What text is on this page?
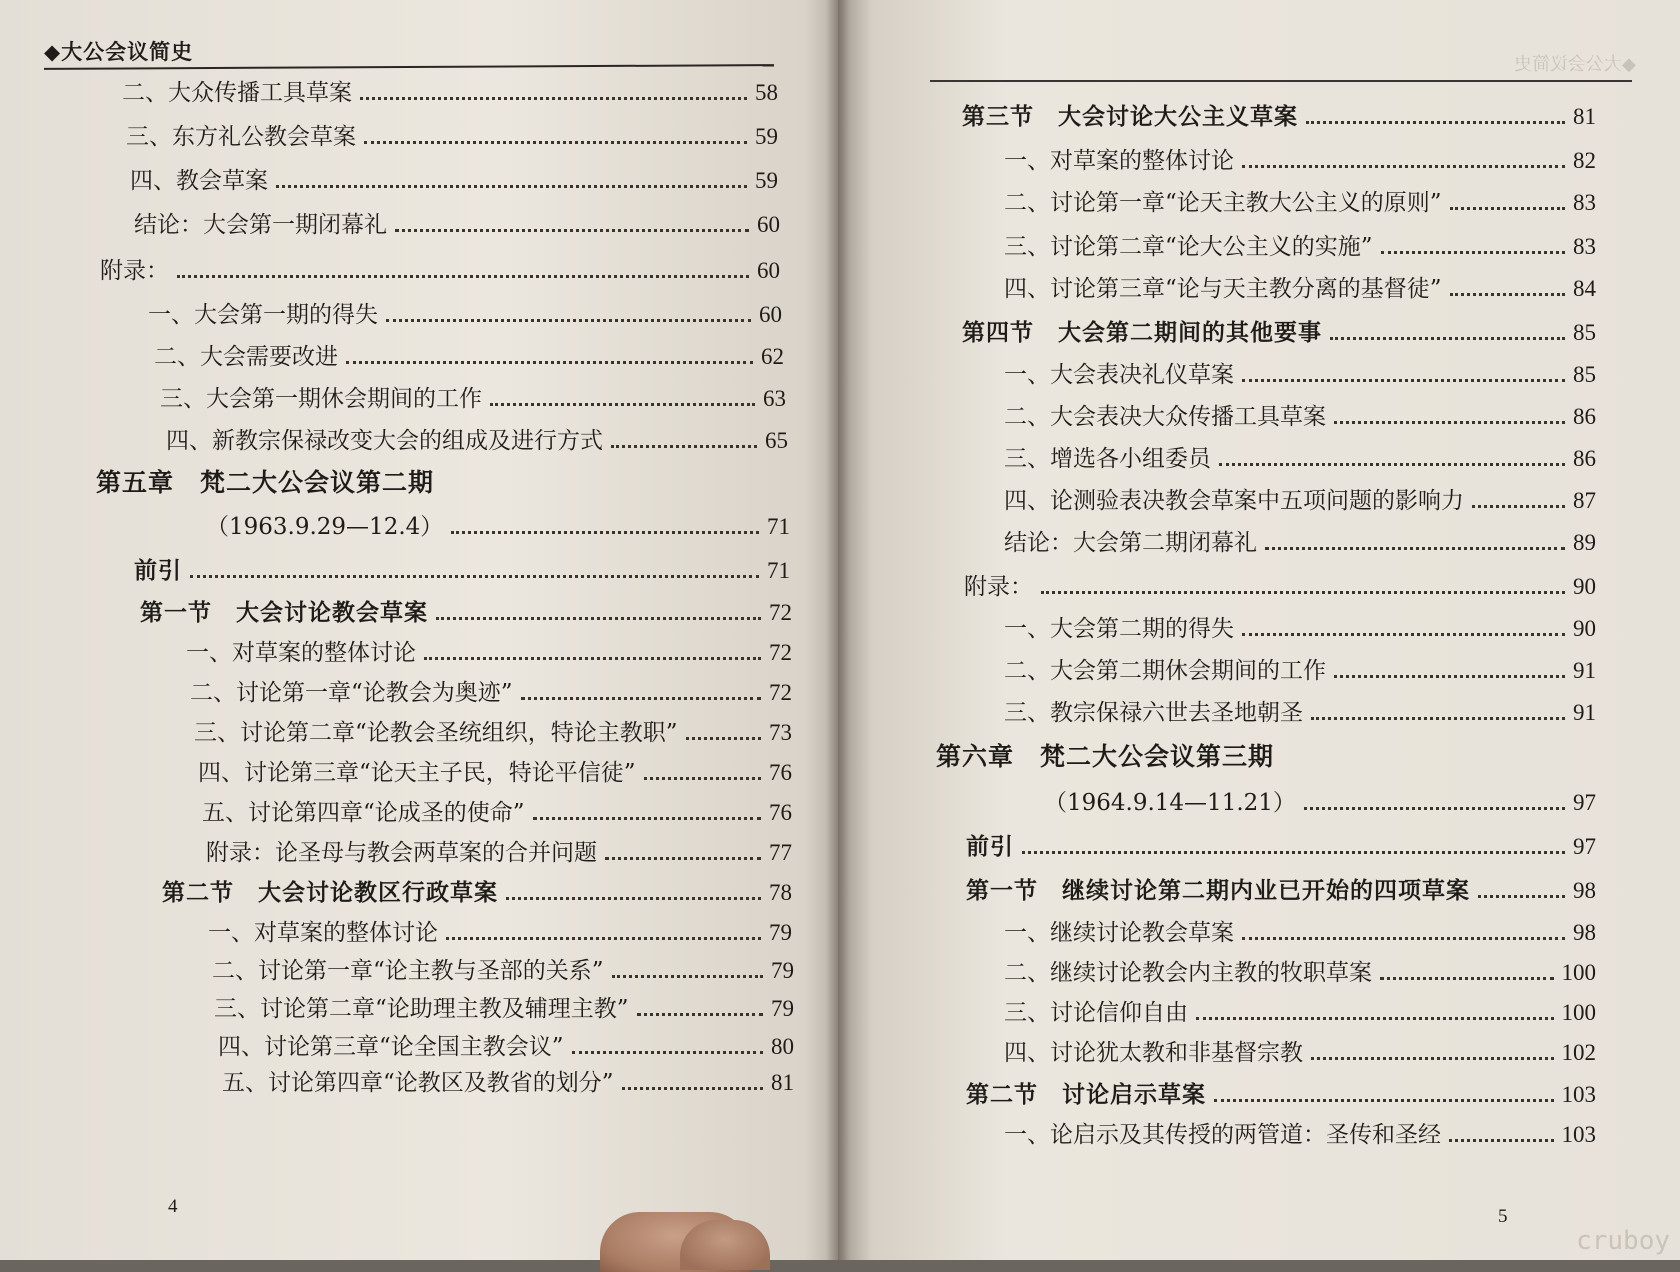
◆大公会议简史
二、大众传播工具草案	58
三、东方礼公教会草案	59
四、教会草案	59
结论：大会第一期闭幕礼	60
附录：	60
一、大会第一期的得失	60
二、大会需要改进	62
三、大会第一期休会期间的工作	63
四、新教宗保禄改变大会的组成及进行方式	65
第五章　梵二大公会议第二期
（1963.9.29—12.4）	71
前引	71
第一节　大会讨论教会草案	72
一、对草案的整体讨论	72
二、讨论第一章“论教会为奥迹”	72
三、讨论第二章“论教会圣统组织，特论主教职”	73
四、讨论第三章“论天主子民，特论平信徒”	76
五、讨论第四章“论成圣的使命”	76
附录：论圣母与教会两草案的合并问题	77
第二节　大会讨论教区行政草案	78
一、对草案的整体讨论	79
二、讨论第一章“论主教与圣部的关系”	79
三、讨论第二章“论助理主教及辅理主教”	79
四、讨论第三章“论全国主教会议”	80
五、讨论第四章“论教区及教省的划分”	81
4
◆大公会议简史
第三节　大会讨论大公主义草案	81
一、对草案的整体讨论	82
二、讨论第一章“论天主教大公主义的原则”	83
三、讨论第二章“论大公主义的实施”	83
四、讨论第三章“论与天主教分离的基督徒”	84
第四节　大会第二期间的其他要事	85
一、大会表决礼仪草案	85
二、大会表决大众传播工具草案	86
三、增选各小组委员	86
四、论测验表决教会草案中五项问题的影响力	87
结论：大会第二期闭幕礼	89
附录：	90
一、大会第二期的得失	90
二、大会第二期休会期间的工作	91
三、教宗保禄六世去圣地朝圣	91
第六章　梵二大公会议第三期
（1964.9.14—11.21）	97
前引	97
第一节　继续讨论第二期内业已开始的四项草案	98
一、继续讨论教会草案	98
二、继续讨论教会内主教的牧职草案	100
三、讨论信仰自由	100
四、讨论犹太教和非基督宗教	102
第二节　讨论启示草案	103
一、论启示及其传授的两管道：圣传和圣经	103
5
cruboy
